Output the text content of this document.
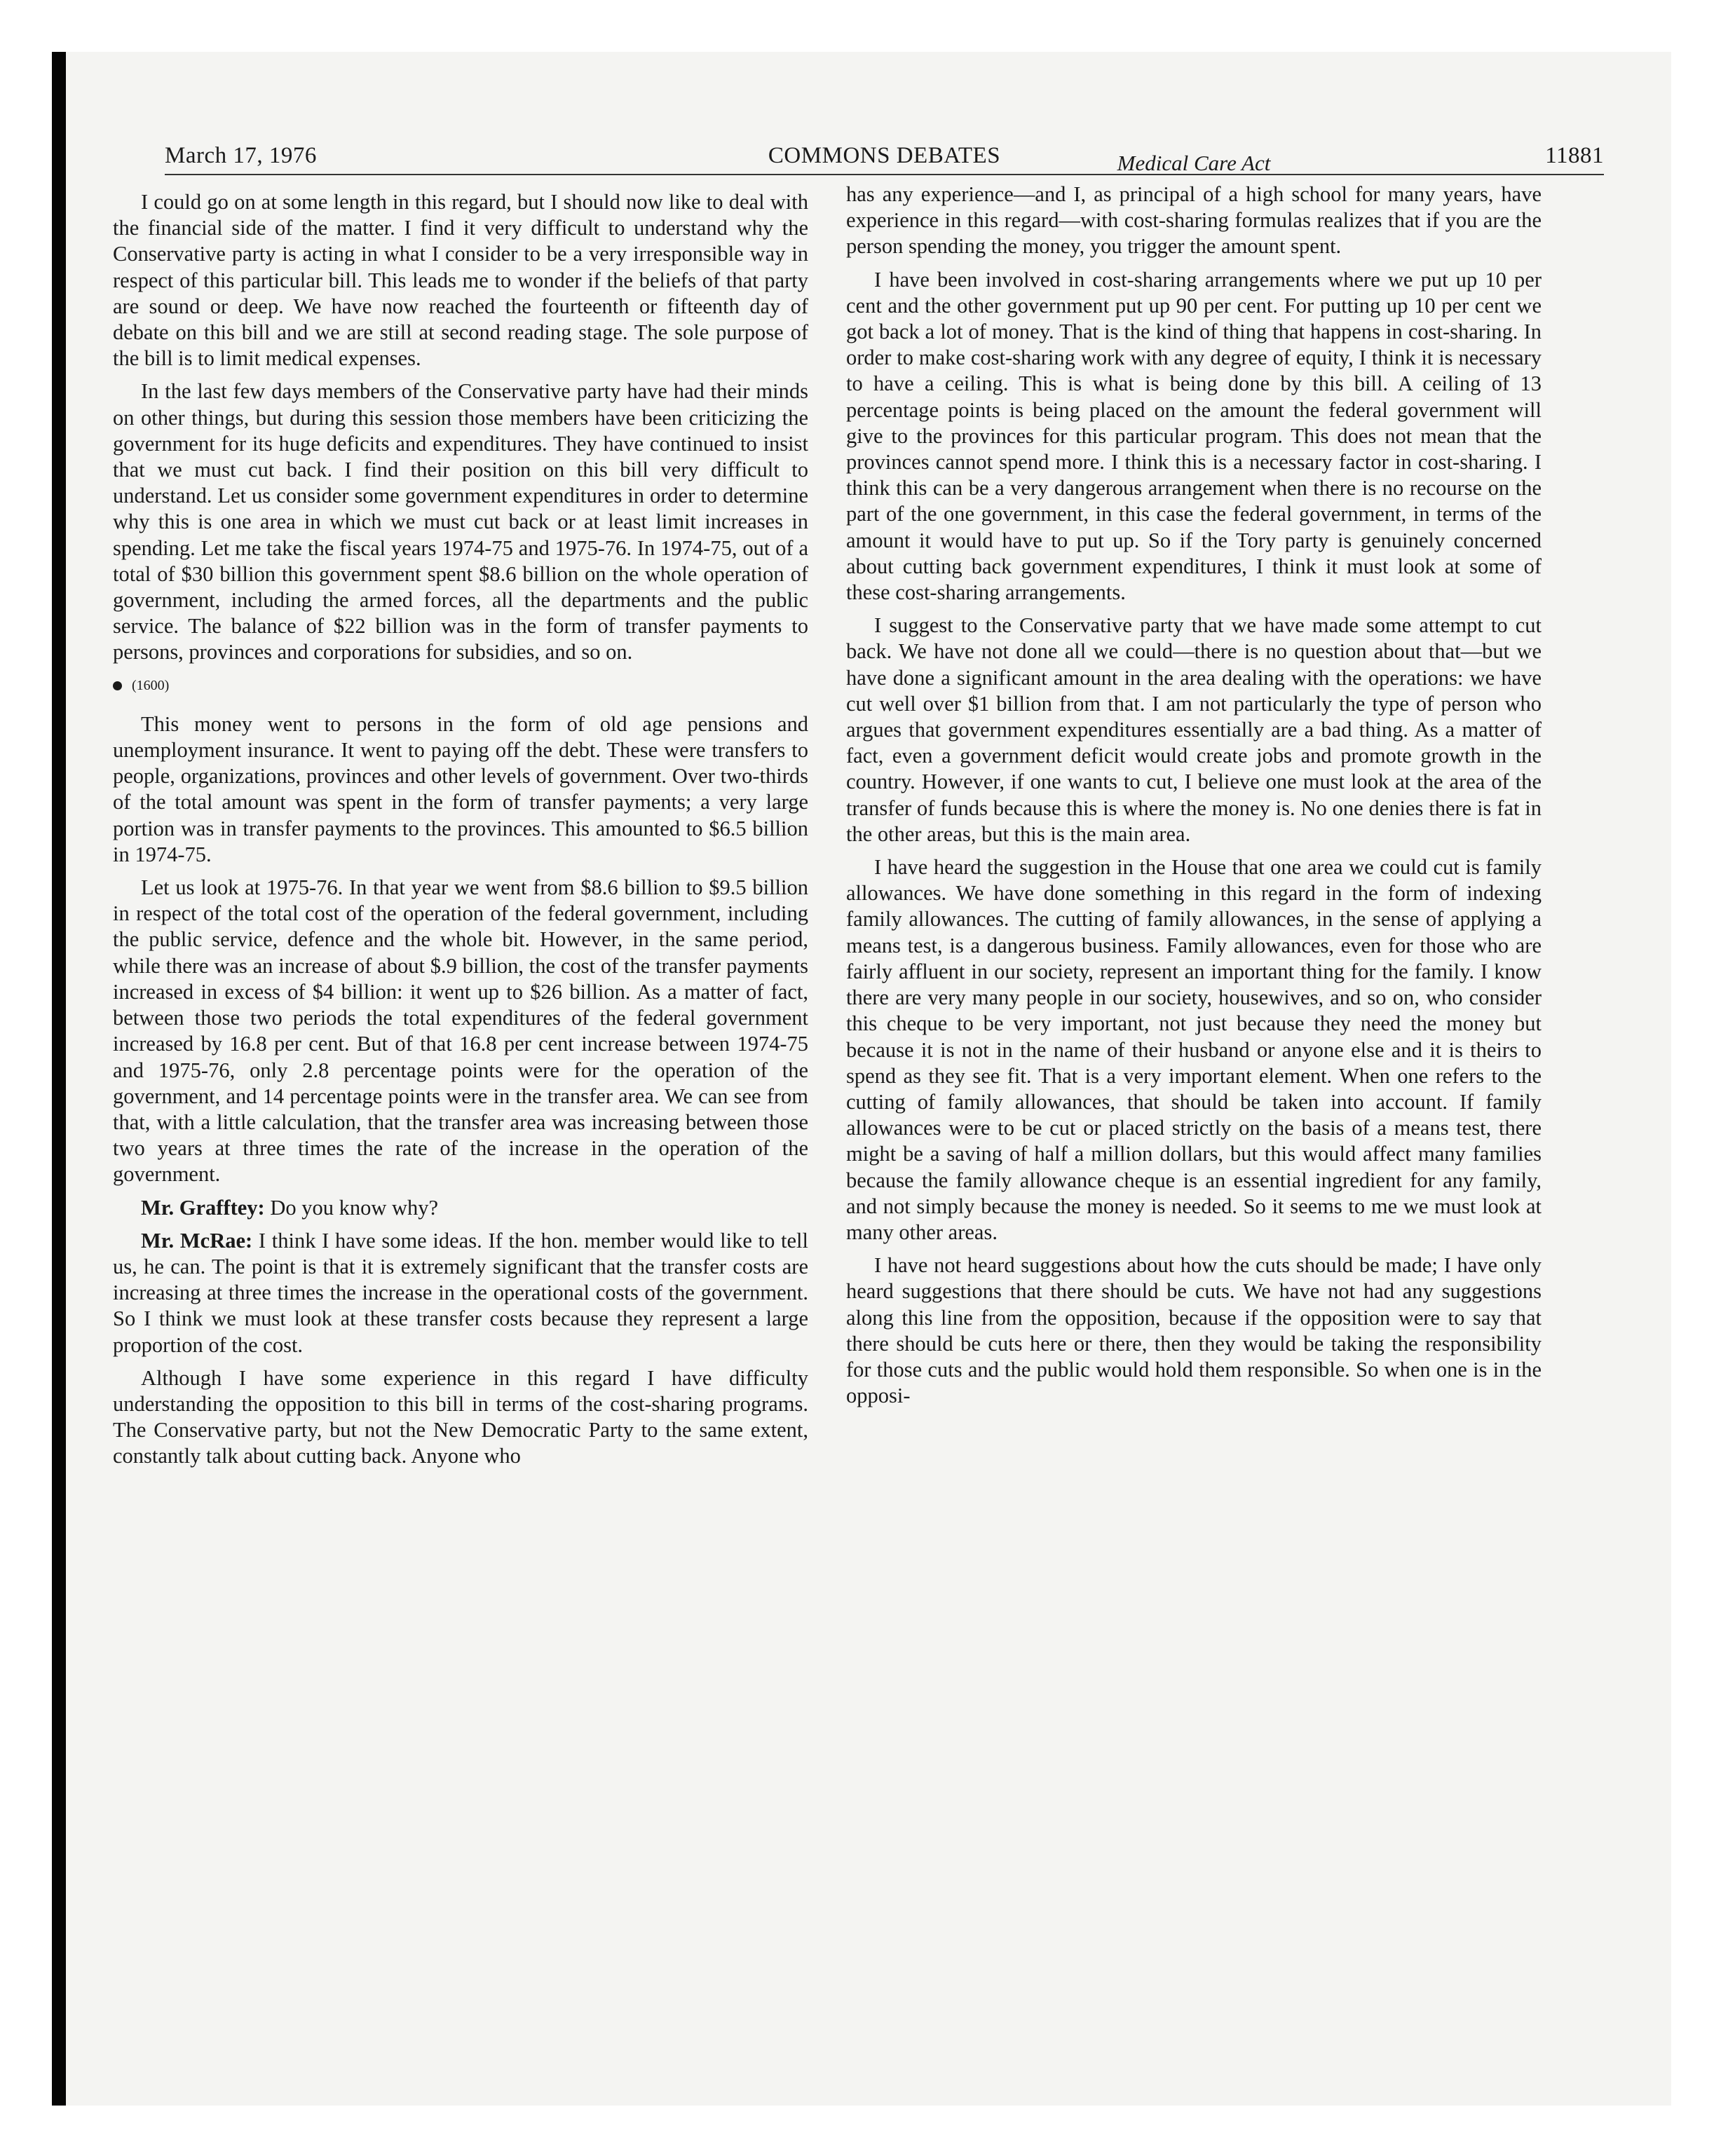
March 17, 1976	COMMONS DEBATES	11881

I could go on at some length in this regard, but I should now like to deal with the financial side of the matter. I find it very difficult to understand why the Conservative party is acting in what I consider to be a very irresponsible way in respect of this particular bill. This leads me to wonder if the beliefs of that party are sound or deep. We have now reached the fourteenth or fifteenth day of debate on this bill and we are still at second reading stage. The sole purpose of the bill is to limit medical expenses.

In the last few days members of the Conservative party have had their minds on other things, but during this session those members have been criticizing the government for its huge deficits and expenditures. They have continued to insist that we must cut back. I find their position on this bill very difficult to understand. Let us consider some government expenditures in order to determine why this is one area in which we must cut back or at least limit increases in spending. Let me take the fiscal years 1974-75 and 1975-76. In 1974-75, out of a total of $30 billion this government spent $8.6 billion on the whole operation of government, including the armed forces, all the departments and the public service. The balance of $22 billion was in the form of transfer payments to persons, provinces and corporations for subsidies, and so on.

(1600)

This money went to persons in the form of old age pensions and unemployment insurance. It went to paying off the debt. These were transfers to people, organizations, provinces and other levels of government. Over two-thirds of the total amount was spent in the form of transfer payments; a very large portion was in transfer payments to the provinces. This amounted to $6.5 billion in 1974-75.

Let us look at 1975-76. In that year we went from $8.6 billion to $9.5 billion in respect of the total cost of the operation of the federal government, including the public service, defence and the whole bit. However, in the same period, while there was an increase of about $.9 billion, the cost of the transfer payments increased in excess of $4 billion: it went up to $26 billion. As a matter of fact, between those two periods the total expenditures of the federal government increased by 16.8 per cent. But of that 16.8 per cent increase between 1974-75 and 1975-76, only 2.8 percentage points were for the operation of the government, and 14 percentage points were in the transfer area. We can see from that, with a little calculation, that the transfer area was increasing between those two years at three times the rate of the increase in the operation of the government.

Mr. Grafftey: Do you know why?

Mr. McRae: I think I have some ideas. If the hon. member would like to tell us, he can. The point is that it is extremely significant that the transfer costs are increasing at three times the increase in the operational costs of the government. So I think we must look at these transfer costs because they represent a large proportion of the cost.

Although I have some experience in this regard I have difficulty understanding the opposition to this bill in terms of the cost-sharing programs. The Conservative party, but not the New Democratic Party to the same extent, constantly talk about cutting back. Anyone who

Medical Care Act

has any experience—and I, as principal of a high school for many years, have experience in this regard—with cost-sharing formulas realizes that if you are the person spending the money, you trigger the amount spent.

I have been involved in cost-sharing arrangements where we put up 10 per cent and the other government put up 90 per cent. For putting up 10 per cent we got back a lot of money. That is the kind of thing that happens in cost-sharing. In order to make cost-sharing work with any degree of equity, I think it is necessary to have a ceiling. This is what is being done by this bill. A ceiling of 13 percentage points is being placed on the amount the federal government will give to the provinces for this particular program. This does not mean that the provinces cannot spend more. I think this is a necessary factor in cost-sharing. I think this can be a very dangerous arrangement when there is no recourse on the part of the one government, in this case the federal government, in terms of the amount it would have to put up. So if the Tory party is genuinely concerned about cutting back government expenditures, I think it must look at some of these cost-sharing arrangements.

I suggest to the Conservative party that we have made some attempt to cut back. We have not done all we could—there is no question about that—but we have done a significant amount in the area dealing with the operations: we have cut well over $1 billion from that. I am not particularly the type of person who argues that government expenditures essentially are a bad thing. As a matter of fact, even a government deficit would create jobs and promote growth in the country. However, if one wants to cut, I believe one must look at the area of the transfer of funds because this is where the money is. No one denies there is fat in the other areas, but this is the main area.

I have heard the suggestion in the House that one area we could cut is family allowances. We have done something in this regard in the form of indexing family allowances. The cutting of family allowances, in the sense of applying a means test, is a dangerous business. Family allowances, even for those who are fairly affluent in our society, represent an important thing for the family. I know there are very many people in our society, housewives, and so on, who consider this cheque to be very important, not just because they need the money but because it is not in the name of their husband or anyone else and it is theirs to spend as they see fit. That is a very important element. When one refers to the cutting of family allowances, that should be taken into account. If family allowances were to be cut or placed strictly on the basis of a means test, there might be a saving of half a million dollars, but this would affect many families because the family allowance cheque is an essential ingredient for any family, and not simply because the money is needed. So it seems to me we must look at many other areas.

I have not heard suggestions about how the cuts should be made; I have only heard suggestions that there should be cuts. We have not had any suggestions along this line from the opposition, because if the opposition were to say that there should be cuts here or there, then they would be taking the responsibility for those cuts and the public would hold them responsible. So when one is in the opposi-
